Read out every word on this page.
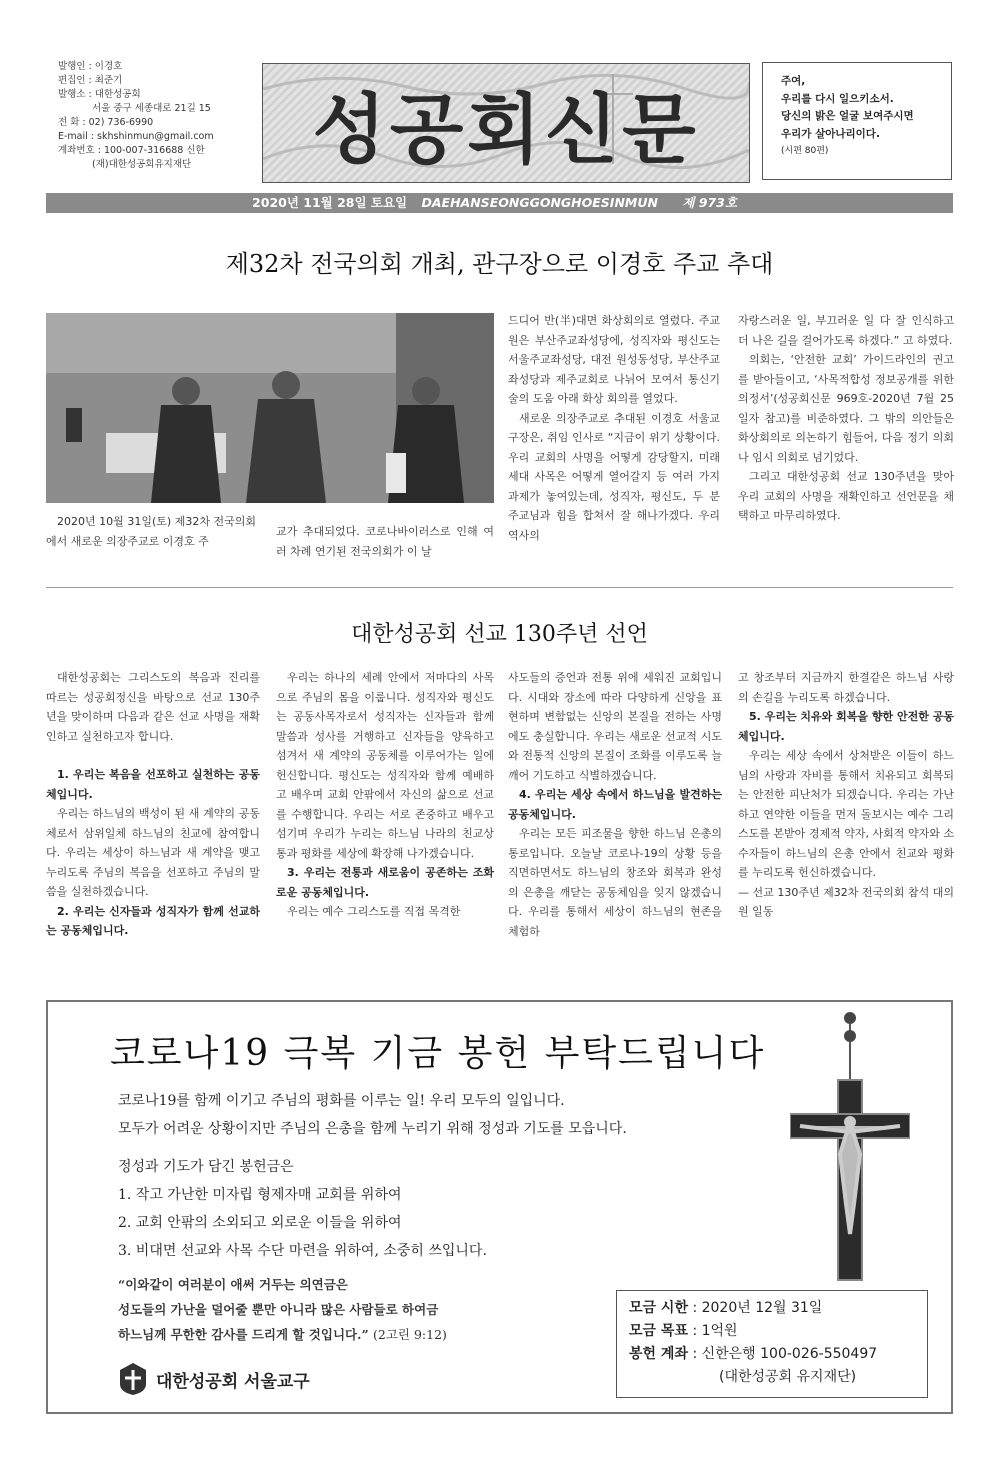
발행인 : 이경호
편집인 : 최준기
발행소 : 대한성공회
서울 중구 세종대로 21길 15
전 화 : 02) 736-6990
E-mail : skhshinmun@gmail.com
계좌번호 : 100-007-316688 신한
(재)대한성공회유지재단	성공회신문
주여,
우리를 다시 일으키소서.
당신의 밝은 얼굴 보여주시면
우리가 살아나리이다.
(시편 80편)
2020년 11월 28일 토요일 DAEHANSEONGGONGHOESINMUN 제 973호
제32차 전국의회 개최, 관구장으로 이경호 주교 추대

2020년 10월 31일(토) 제32차 전국의회에서 새로운 의장주교로 이경호 주

교가 추대되었다. 코로나바이러스로 인해 여러 차례 연기된 전국의회가 이 날

드디어 반(半)대면 화상회의로 열렸다. 주교원은 부산주교좌성당에, 성직자와 평신도는 서울주교좌성당, 대전 원성동성당, 부산주교좌성당과 제주교회로 나뉘어 모여서 통신기술의 도움 아래 화상 회의를 열었다.

새로운 의장주교로 추대된 이경호 서울교구장은, 취임 인사로 “지금이 위기 상황이다. 우리 교회의 사명을 어떻게 감당할지, 미래세대 사목은 어떻게 열어갈지 등 여러 가지 과제가 놓여있는데, 성직자, 평신도, 두 분 주교님과 힘을 합쳐서 잘 해나가겠다. 우리 역사의

자랑스러운 일, 부끄러운 일 다 잘 인식하고 더 나은 길을 걸어가도록 하겠다.” 고 하였다.

의회는, ‘안전한 교회’ 가이드라인의 권고를 받아들이고, ‘사목적합성 정보공개를 위한 의정서’(성공회신문 969호-2020년 7월 25일자 참고)를 비준하였다. 그 밖의 의안들은 화상회의로 의논하기 힘들어, 다음 정기 의회나 임시 의회로 넘기었다.

그리고 대한성공회 선교 130주년을 맞아 우리 교회의 사명을 재확인하고 선언문을 채택하고 마무리하였다.

대한성공회 선교 130주년 선언

대한성공회는 그리스도의 복음과 진리를 따르는 성공회정신을 바탕으로 선교 130주년을 맞이하며 다음과 같은 선교 사명을 재확인하고 실천하고자 합니다.

1. 우리는 복음을 선포하고 실천하는 공동체입니다.

우리는 하느님의 백성이 된 새 계약의 공동체로서 삼위일체 하느님의 친교에 참여합니다. 우리는 세상이 하느님과 새 계약을 맺고 누리도록 주님의 복음을 선포하고 주님의 말씀을 실천하겠습니다.

2. 우리는 신자들과 성직자가 함께 선교하는 공동체입니다.

우리는 하나의 세례 안에서 저마다의 사목으로 주님의 몸을 이룹니다. 성직자와 평신도는 공동사목자로서 성직자는 신자들과 함께 말씀과 성사를 거행하고 신자들을 양육하고 섬겨서 새 계약의 공동체를 이루어가는 일에 헌신합니다. 평신도는 성직자와 함께 예배하고 배우며 교회 안팎에서 자신의 삶으로 선교를 수행합니다. 우리는 서로 존중하고 배우고 섬기며 우리가 누리는 하느님 나라의 친교상통과 평화를 세상에 확장해 나가겠습니다.

3. 우리는 전통과 새로움이 공존하는 조화로운 공동체입니다.

우리는 예수 그리스도를 직접 목격한

사도들의 증언과 전통 위에 세워진 교회입니다. 시대와 장소에 따라 다양하게 신앙을 표현하며 변함없는 신앙의 본질을 전하는 사명에도 충실합니다. 우리는 새로운 선교적 시도와 전통적 신앙의 본질이 조화를 이루도록 늘 깨어 기도하고 식별하겠습니다.

4. 우리는 세상 속에서 하느님을 발견하는 공동체입니다.

우리는 모든 피조물을 향한 하느님 은총의 통로입니다. 오늘날 코로나-19의 상황 등을 직면하면서도 하느님의 창조와 회복과 완성의 은총을 깨닫는 공동체임을 잊지 않겠습니다. 우리를 통해서 세상이 하느님의 현존을 체험하

고 창조부터 지금까지 한결같은 하느님 사랑의 손길을 누리도록 하겠습니다.

5. 우리는 치유와 회복을 향한 안전한 공동체입니다.

우리는 세상 속에서 상처받은 이들이 하느님의 사랑과 자비를 통해서 치유되고 회복되는 안전한 피난처가 되겠습니다. 우리는 가난하고 연약한 이들을 먼저 돌보시는 예수 그리스도를 본받아 경제적 약자, 사회적 약자와 소수자들이 하느님의 은총 안에서 친교와 평화를 누리도록 헌신하겠습니다.

— 선교 130주년 제32차 전국의회 참석 대의원 일동

코로나19 극복 기금 봉헌 부탁드립니다
코로나19를 함께 이기고 주님의 평화를 이루는 일! 우리 모두의 일입니다.
모두가 어려운 상황이지만 주님의 은총을 함께 누리기 위해 정성과 기도를 모읍니다.
정성과 기도가 담긴 봉헌금은
1. 작고 가난한 미자립 형제자매 교회를 위하여
2. 교회 안팎의 소외되고 외로운 이들을 위하여
3. 비대면 선교와 사목 수단 마련을 위하여, 소중히 쓰입니다.
“이와같이 여러분이 애써 거두는 의연금은
성도들의 가난을 덜어줄 뿐만 아니라 많은 사람들로 하여금
하느님께 무한한 감사를 드리게 할 것입니다.” (2고린 9:12)
모금 시한 : 2020년 12월 31일
모금 목표 : 1억원
봉헌 계좌 : 신한은행 100-026-550497
(대한성공회 유지재단)
대한성공회 서울교구
